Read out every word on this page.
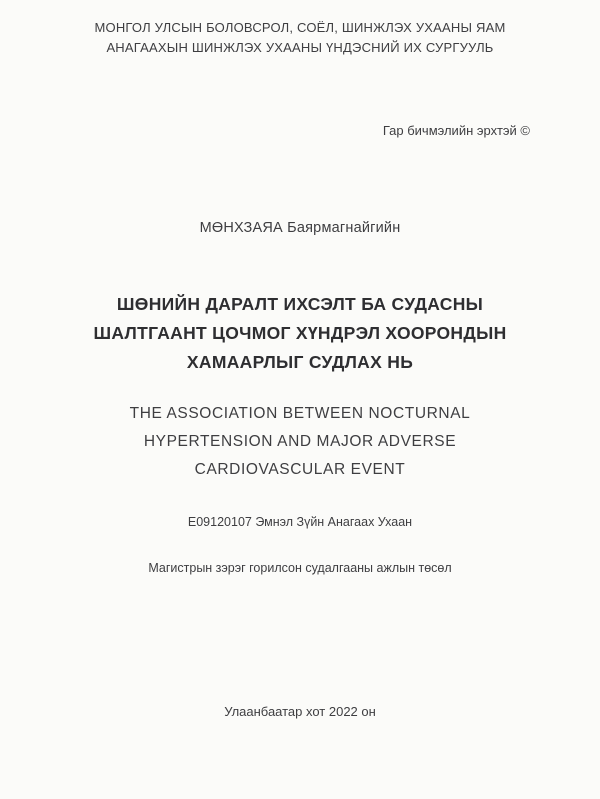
МОНГОЛ УЛСЫН БОЛОВСРОЛ, СОЁЛ, ШИНЖЛЭХ УХААНЫ ЯАМ
АНАГААХЫН ШИНЖЛЭХ УХААНЫ ҮНДЭСНИЙ ИХ СУРГУУЛЬ
Гар бичмэлийн эрхтэй ©
МӨНХЗАЯА Баярмагнайгийн
ШӨНИЙН ДАРАЛТ ИХСЭЛТ БА СУДАСНЫ
ШАЛТГААНТ ЦОЧМОГ ХҮНДРЭЛ ХООРОНДЫН
ХАМААРЛЫГ СУДЛАХ НЬ
THE ASSOCIATION BETWEEN NOCTURNAL
HYPERTENSION AND MAJOR ADVERSE
CARDIOVASCULAR EVENT
Е09120107 Эмнэл Зүйн Анагаах Ухаан
Магистрын зэрэг горилсон судалгааны ажлын төсөл
Улаанбаатар хот 2022 он
